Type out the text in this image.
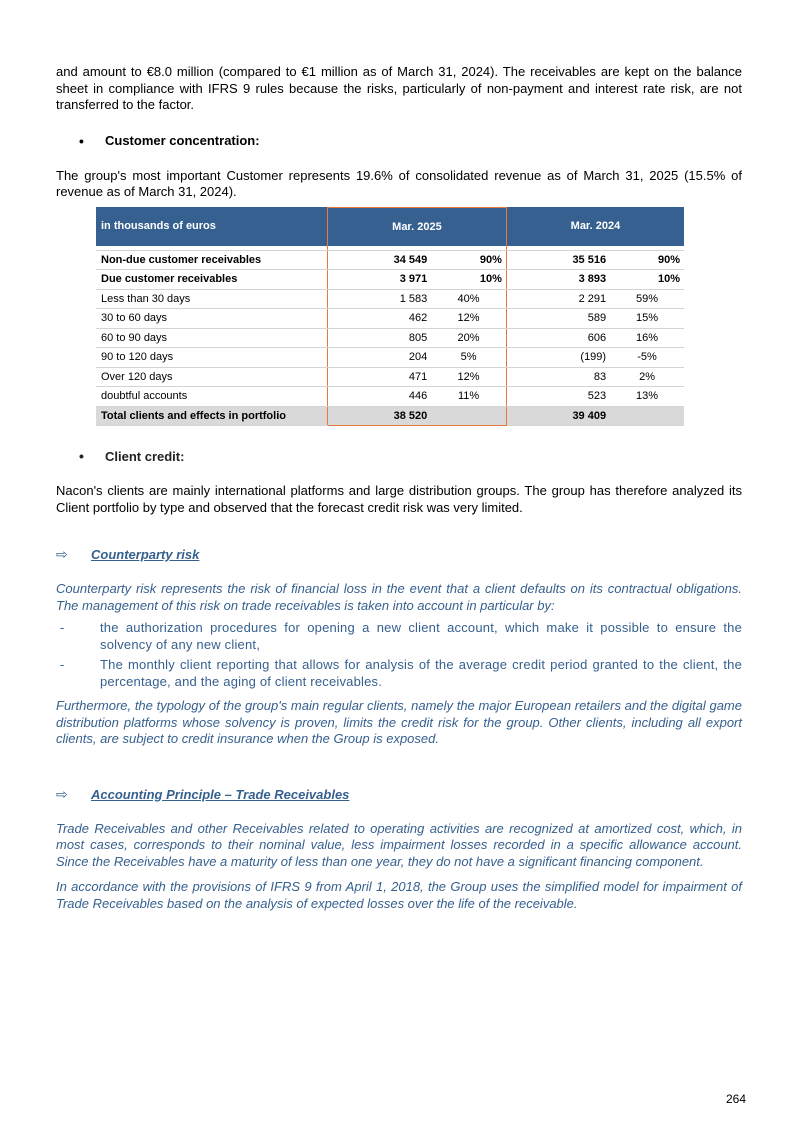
and amount to €8.0 million (compared to €1 million as of March 31, 2024). The receivables are kept on the balance sheet in compliance with IFRS 9 rules because the risks, particularly of non-payment and interest rate risk, are not transferred to the factor.

•	Customer concentration:

The group's most important Customer represents 19.6% of consolidated revenue as of March 31, 2025 (15.5% of revenue as of March 31, 2024).

in thousands of euros	Mar. 2025		Mar. 2024	

Non-due customer receivables	34 549	90%	35 516	90%
Due customer receivables	3 971	10%	3 893	10%
Less than 30 days	1 583	40%	2 291	59%
30 to 60 days	462	12%	589	15%
60 to 90 days	805	20%	606	16%
90 to 120 days	204	5%	(199)	-5%
Over 120 days	471	12%	83	2%
doubtful accounts	446	11%	523	13%
Total clients and effects in portfolio	38 520		39 409	
•	Client credit:

Nacon's clients are mainly international platforms and large distribution groups. The group has therefore analyzed its Client portfolio by type and observed that the forecast credit risk was very limited.

⇨	Counterparty risk

Counterparty risk represents the risk of financial loss in the event that a client defaults on its contractual obligations. The management of this risk on trade receivables is taken into account in particular by:

-	the authorization procedures for opening a new client account, which make it possible to ensure the solvency of any new client,
-	The monthly client reporting that allows for analysis of the average credit period granted to the client, the percentage, and the aging of client receivables.

Furthermore, the typology of the group's main regular clients, namely the major European retailers and the digital game distribution platforms whose solvency is proven, limits the credit risk for the group. Other clients, including all export clients, are subject to credit insurance when the Group is exposed.

⇨	Accounting Principle – Trade Receivables

Trade Receivables and other Receivables related to operating activities are recognized at amortized cost, which, in most cases, corresponds to their nominal value, less impairment losses recorded in a specific allowance account. Since the Receivables have a maturity of less than one year, they do not have a significant financing component.

In accordance with the provisions of IFRS 9 from April 1, 2018, the Group uses the simplified model for impairment of Trade Receivables based on the analysis of expected losses over the life of the receivable.

264
